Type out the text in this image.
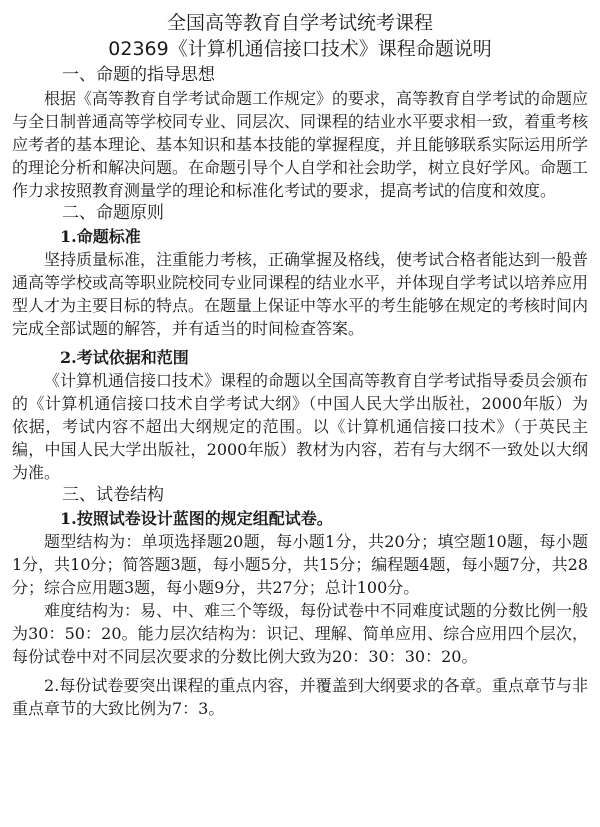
全国高等教育自学考试统考课程
02369《计算机通信接口技术》课程命题说明
一、命题的指导思想

根据《高等教育自学考试命题工作规定》的要求，高等教育自学考试的命题应与全日制普通高等学校同专业、同层次、同课程的结业水平要求相一致，着重考核应考者的基本理论、基本知识和基本技能的掌握程度，并且能够联系实际运用所学的理论分析和解决问题。在命题引导个人自学和社会助学，树立良好学风。命题工作力求按照教育测量学的理论和标准化考试的要求，提高考试的信度和效度。

二、命题原则
1.命题标准

坚持质量标准，注重能力考核，正确掌握及格线，使考试合格者能达到一般普通高等学校或高等职业院校同专业同课程的结业水平，并体现自学考试以培养应用型人才为主要目标的特点。在题量上保证中等水平的考生能够在规定的考核时间内完成全部试题的解答，并有适当的时间检查答案。

2.考试依据和范围

《计算机通信接口技术》课程的命题以全国高等教育自学考试指导委员会颁布的《计算机通信接口技术自学考试大纲》（中国人民大学出版社，2000年版）为依据，考试内容不超出大纲规定的范围。以《计算机通信接口技术》（于英民主编，中国人民大学出版社，2000年版）教材为内容，若有与大纲不一致处以大纲为准。

三、试卷结构
1.按照试卷设计蓝图的规定组配试卷。

题型结构为：单项选择题20题，每小题1分，共20分；填空题10题，每小题1分，共10分；简答题3题，每小题5分，共15分；编程题4题，每小题7分，共28分；综合应用题3题，每小题9分，共27分；总计100分。

难度结构为：易、中、难三个等级，每份试卷中不同难度试题的分数比例一般为30：50：20。能力层次结构为：识记、理解、简单应用、综合应用四个层次，每份试卷中对不同层次要求的分数比例大致为20：30：30：20。

2.每份试卷要突出课程的重点内容，并覆盖到大纲要求的各章。重点章节与非重点章节的大致比例为7：3。
